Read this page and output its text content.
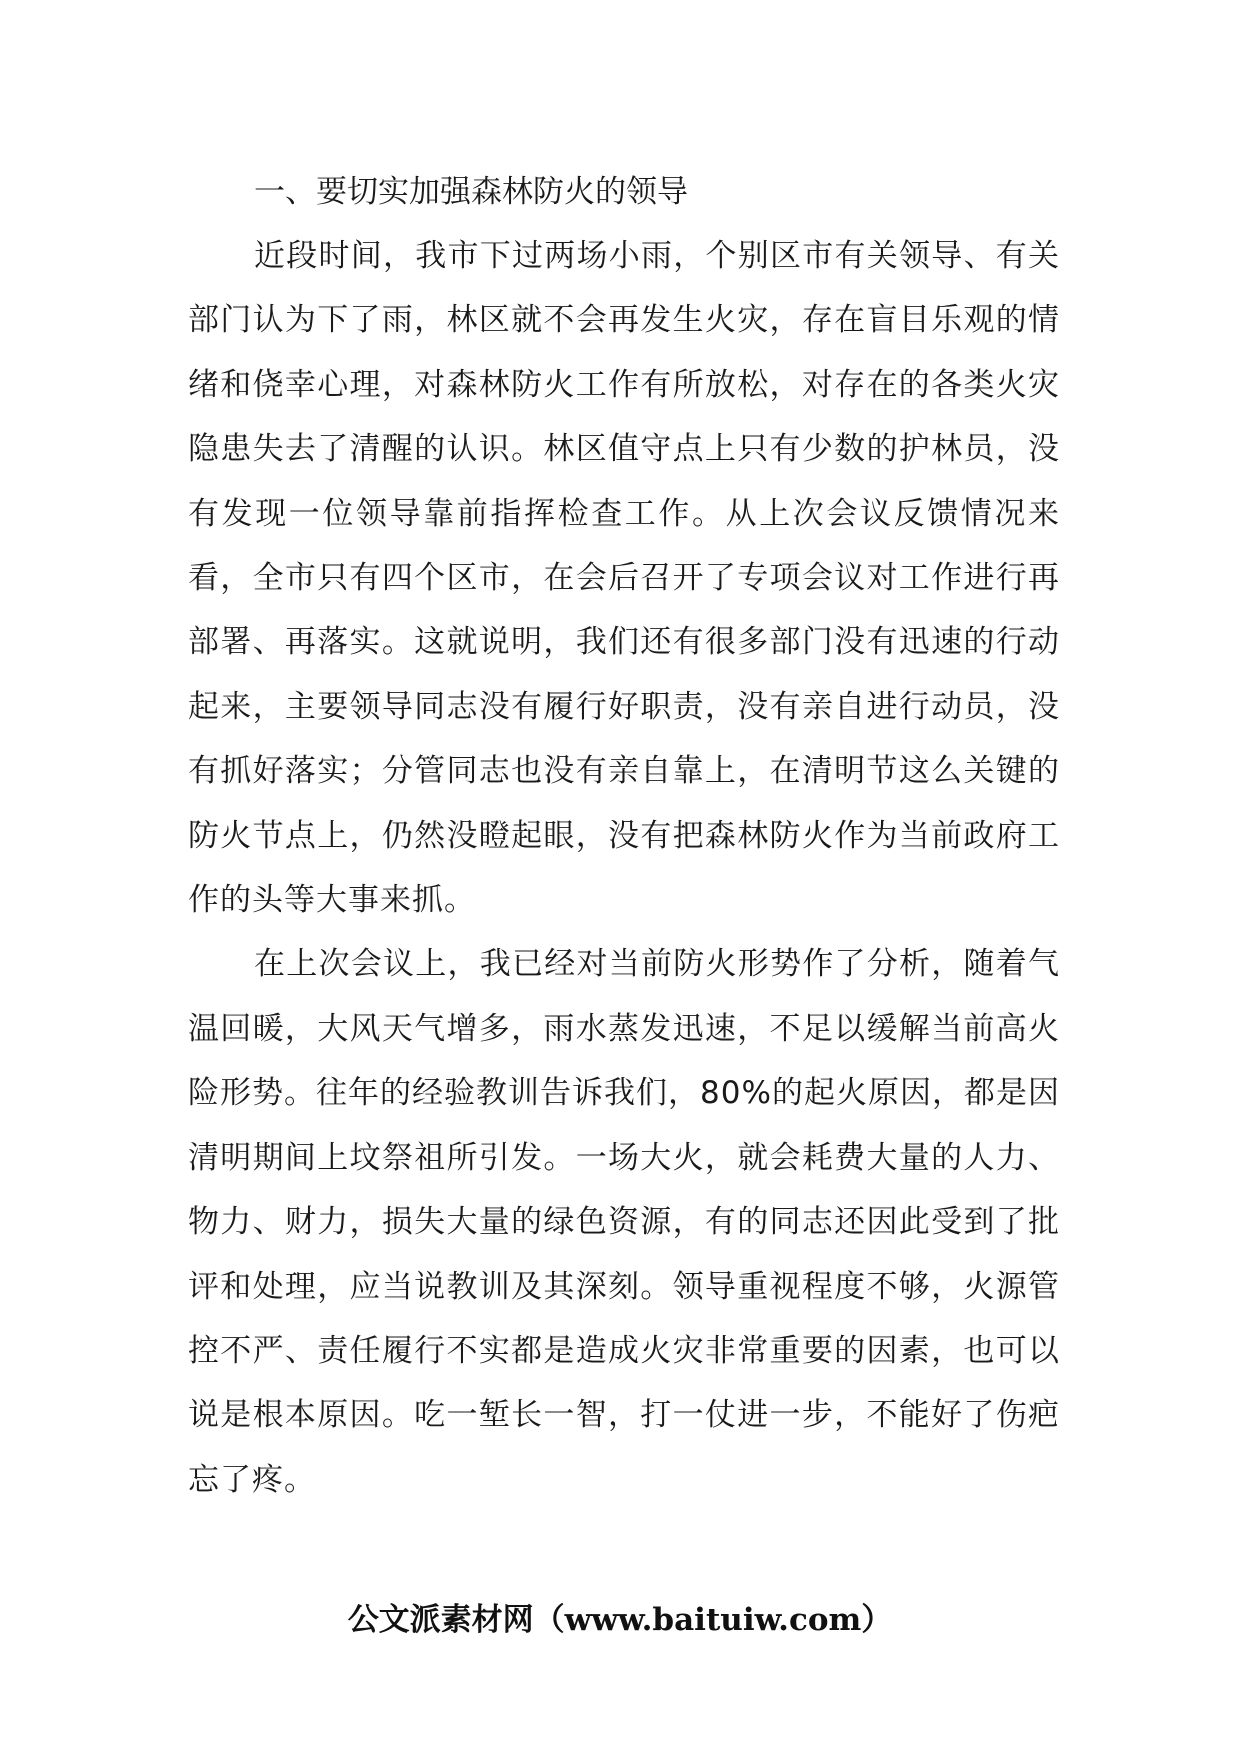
一、要切实加强森林防火的领导

近段时间，我市下过两场小雨，个别区市有关领导、有关部门认为下了雨，林区就不会再发生火灾，存在盲目乐观的情绪和侥幸心理，对森林防火工作有所放松，对存在的各类火灾隐患失去了清醒的认识。林区值守点上只有少数的护林员，没有发现一位领导靠前指挥检查工作。从上次会议反馈情况来看，全市只有四个区市，在会后召开了专项会议对工作进行再部署、再落实。这就说明，我们还有很多部门没有迅速的行动起来，主要领导同志没有履行好职责，没有亲自进行动员，没有抓好落实；分管同志也没有亲自靠上，在清明节这么关键的防火节点上，仍然没瞪起眼，没有把森林防火作为当前政府工作的头等大事来抓。

在上次会议上，我已经对当前防火形势作了分析，随着气温回暖，大风天气增多，雨水蒸发迅速，不足以缓解当前高火险形势。往年的经验教训告诉我们，80%的起火原因，都是因清明期间上坟祭祖所引发。一场大火，就会耗费大量的人力、物力、财力，损失大量的绿色资源，有的同志还因此受到了批评和处理，应当说教训及其深刻。领导重视程度不够，火源管控不严、责任履行不实都是造成火灾非常重要的因素，也可以说是根本原因。吃一堑长一智，打一仗进一步，不能好了伤疤忘了疼。

公文派素材网（www.baituiw.com）
